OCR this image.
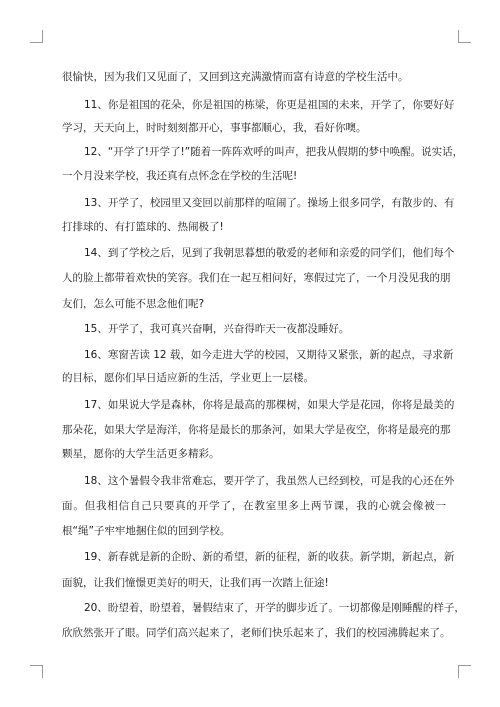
很愉快，因为我们又见面了，又回到这充满激情而富有诗意的学校生活中。
11、你是祖国的花朵，你是祖国的栋梁，你更是祖国的未来，开学了，你要好好
学习，天天向上，时时刻刻都开心，事事都顺心，我，看好你噢。
12、“开学了!开学了!”随着一阵阵欢呼的叫声，把我从假期的梦中唤醒。说实话，
一个月没来学校，我还真有点怀念在学校的生活呢!
13、开学了，校园里又变回以前那样的喧闹了。操场上很多同学，有散步的、有
打排球的、有打篮球的、热闹极了!
14、到了学校之后，见到了我朝思暮想的敬爱的老师和亲爱的同学们，他们每个
人的脸上都带着欢快的笑容。我们在一起互相问好，寒假过完了，一个月没见我的朋
友们，怎么可能不思念他们呢?
15、开学了，我可真兴奋啊，兴奋得昨天一夜都没睡好。
16、寒窗苦读 12 载，如今走进大学的校园，又期待又紧张，新的起点，寻求新
的目标，愿你们早日适应新的生活，学业更上一层楼。
17、如果说大学是森林，你将是最高的那棵树，如果大学是花园，你将是最美的
那朵花，如果大学是海洋，你将是最长的那条河，如果大学是夜空，你将是最亮的那
颗星，愿你的大学生活更多精彩。
18、这个暑假令我非常难忘，要开学了，我虽然人已经到校，可是我的心还在外
面。但我相信自己只要真的开学了，在教室里多上两节课，我的心就会像被一
根“绳”子牢牢地捆住似的回到学校。
19、新春就是新的企盼、新的希望，新的征程，新的收获。新学期，新起点，新
面貌，让我们憧憬更美好的明天，让我们再一次踏上征途!
20、盼望着，盼望着，暑假结束了，开学的脚步近了。一切都像是刚睡醒的样子，
欣欣然张开了眼。同学们高兴起来了，老师们快乐起来了，我们的校园沸腾起来了。
